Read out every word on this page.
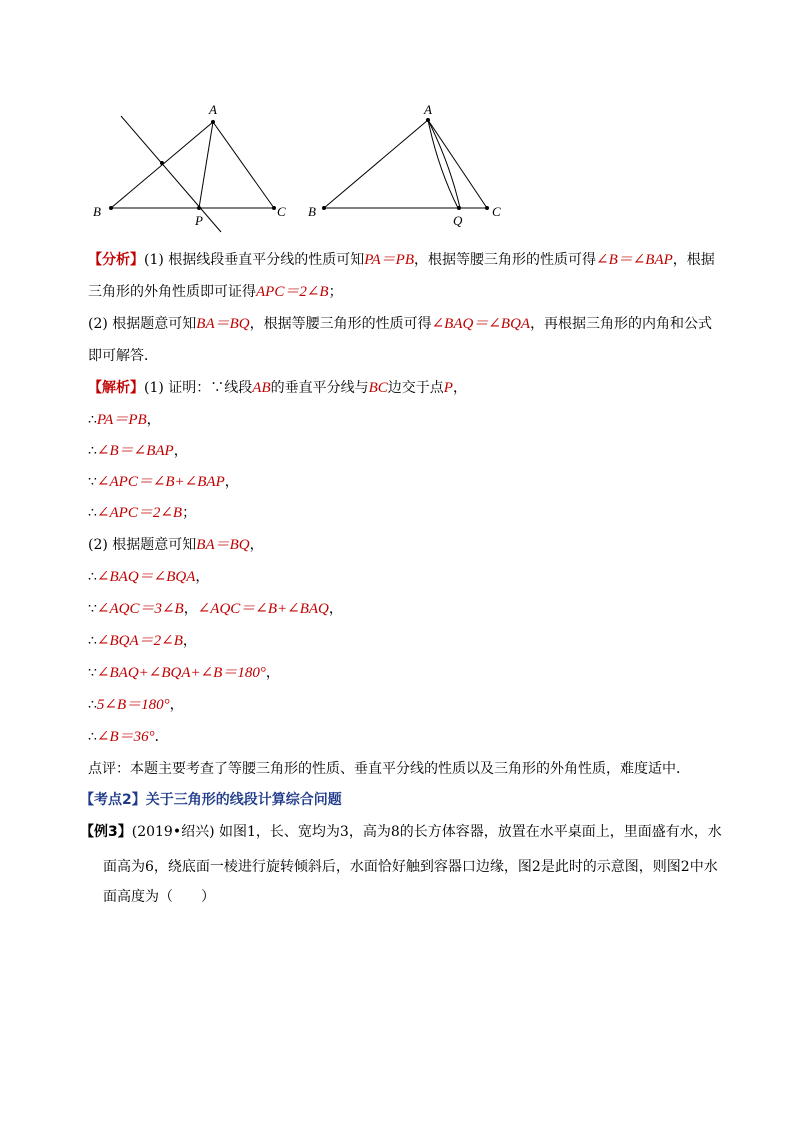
A
B	C
P
A
B	C
Q
【分析】(1) 根据线段垂直平分线的性质可知PA＝PB，根据等腰三角形的性质可得∠B＝∠BAP，根据
三角形的外角性质即可证得APC＝2∠B；
(2) 根据题意可知BA＝BQ，根据等腰三角形的性质可得∠BAQ＝∠BQA，再根据三角形的内角和公式
即可解答．
【解析】(1) 证明：∵线段AB的垂直平分线与BC边交于点P，
∴PA＝PB，
∴∠B＝∠BAP，
∵∠APC＝∠B+∠BAP，
∴∠APC＝2∠B；
(2) 根据题意可知BA＝BQ，
∴∠BAQ＝∠BQA，
∵∠AQC＝3∠B，∠AQC＝∠B+∠BAQ，
∴∠BQA＝2∠B，
∵∠BAQ+∠BQA+∠B＝180°，
∴5∠B＝180°，
∴∠B＝36°．
点评：本题主要考查了等腰三角形的性质、垂直平分线的性质以及三角形的外角性质，难度适中．
【考点2】关于三角形的线段计算综合问题
【例3】(2019•绍兴) 如图1，长、宽均为3，高为8的长方体容器，放置在水平桌面上，里面盛有水，水
面高为6，绕底面一棱进行旋转倾斜后，水面恰好触到容器口边缘，图2是此时的示意图，则图2中水
面高度为（　　）
